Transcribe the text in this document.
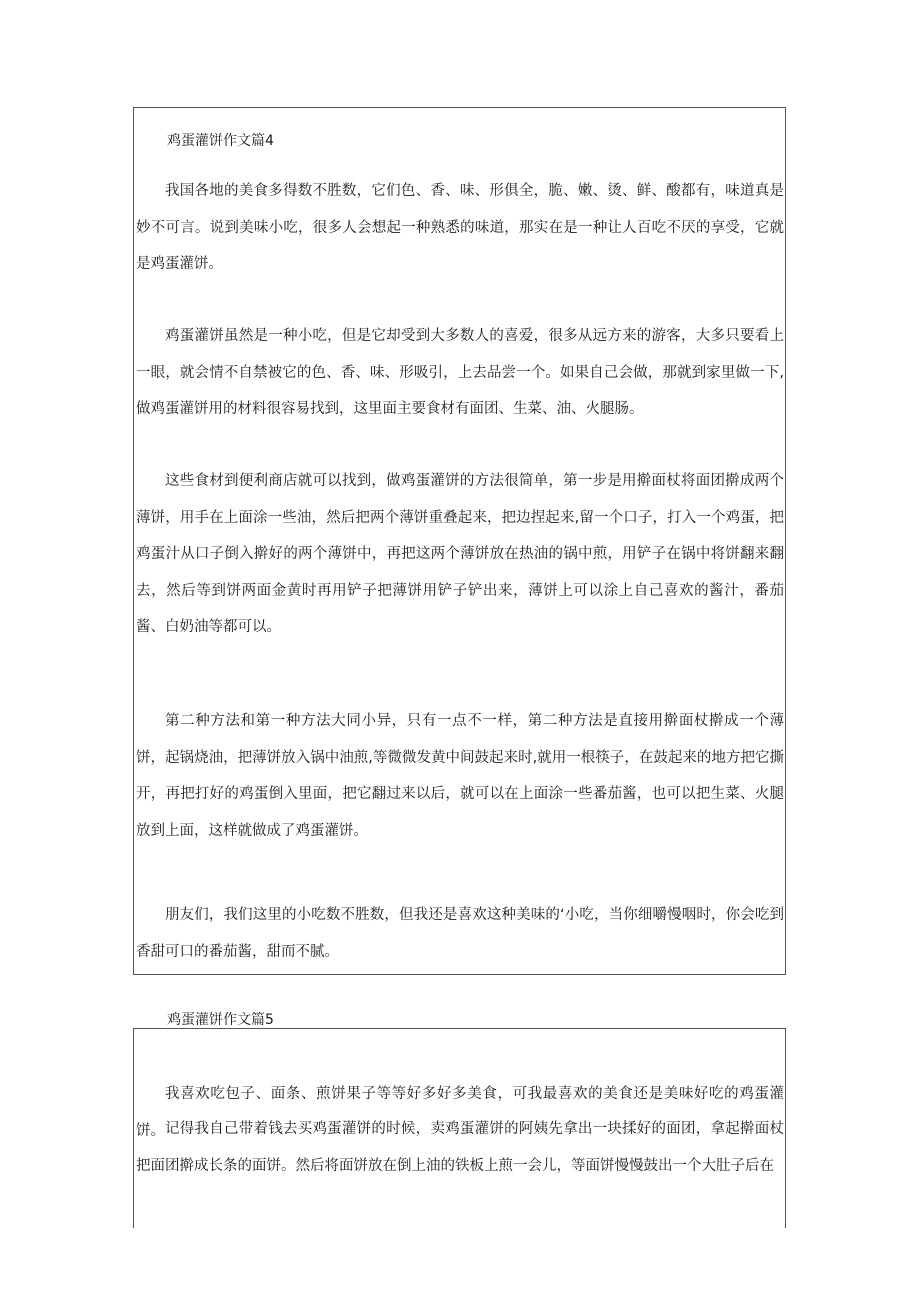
鸡蛋灌饼作文篇4

我国各地的美食多得数不胜数，它们色、香、味、形俱全，脆、嫩、烫、鲜、酸都有，味道真是妙不可言。说到美味小吃，很多人会想起一种熟悉的味道，那实在是一种让人百吃不厌的享受，它就是鸡蛋灌饼。

鸡蛋灌饼虽然是一种小吃，但是它却受到大多数人的喜爱，很多从远方来的游客，大多只要看上一眼，就会情不自禁被它的色、香、味、形吸引，上去品尝一个。如果自己会做，那就到家里做一下,做鸡蛋灌饼用的材料很容易找到，这里面主要食材有面团、生菜、油、火腿肠。

这些食材到便利商店就可以找到，做鸡蛋灌饼的方法很简单，第一步是用擀面杖将面团擀成两个薄饼，用手在上面涂一些油，然后把两个薄饼重叠起来，把边捏起来,留一个口子，打入一个鸡蛋，把鸡蛋汁从口子倒入擀好的两个薄饼中，再把这两个薄饼放在热油的锅中煎，用铲子在锅中将饼翻来翻去，然后等到饼两面金黄时再用铲子把薄饼用铲子铲出来，薄饼上可以涂上自己喜欢的酱汁，番茄酱、白奶油等都可以。

第二种方法和第一种方法大同小异，只有一点不一样，第二种方法是直接用擀面杖擀成一个薄饼，起锅烧油，把薄饼放入锅中油煎,等微微发黄中间鼓起来时,就用一根筷子，在鼓起来的地方把它撕开，再把打好的鸡蛋倒入里面，把它翻过来以后，就可以在上面涂一些番茄酱，也可以把生菜、火腿放到上面，这样就做成了鸡蛋灌饼。

朋友们，我们这里的小吃数不胜数，但我还是喜欢这种美味的‘小吃，当你细嚼慢咽时，你会吃到香甜可口的番茄酱，甜而不腻。

鸡蛋灌饼作文篇5

我喜欢吃包子、面条、煎饼果子等等好多好多美食，可我最喜欢的美食还是美味好吃的鸡蛋灌饼。 记得我自己带着钱去买鸡蛋灌饼的时候，卖鸡蛋灌饼的阿姨先拿出一块揉好的面团，拿起擀面杖把面团擀成长条的面饼。然后将面饼放在倒上油的铁板上煎一会儿，等面饼慢慢鼓出一个大肚子后在
